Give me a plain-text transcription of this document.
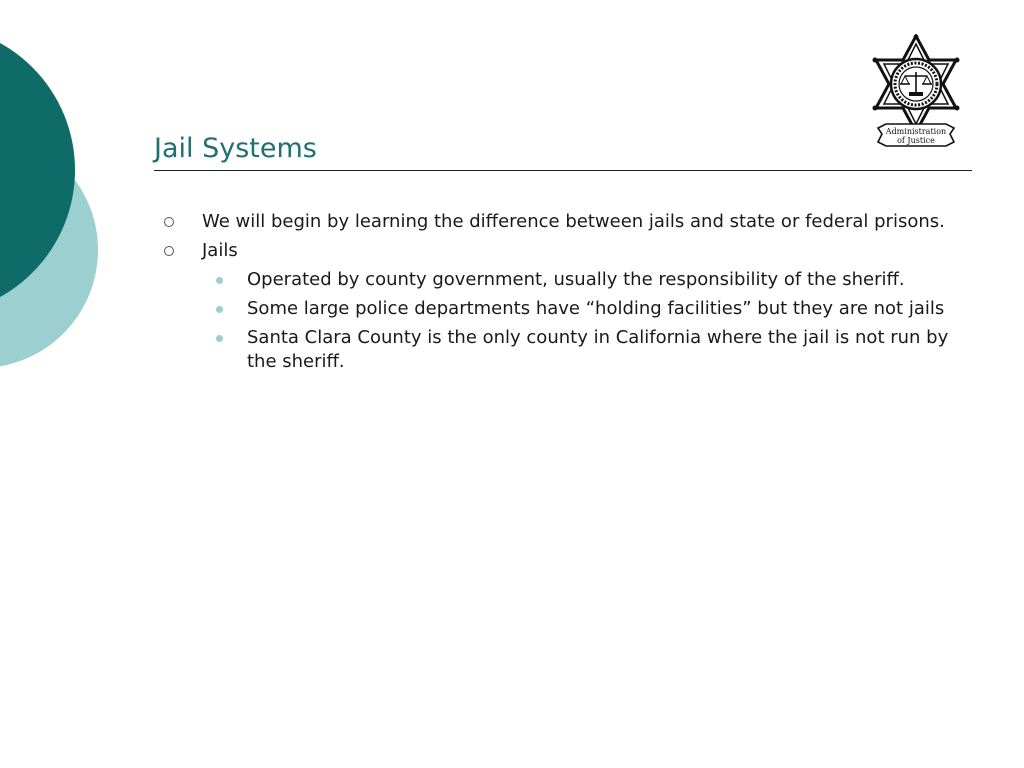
Jail Systems
Administration
of Justice
We will begin by learning the difference between jails and state or federal prisons.
Jails
Operated by county government, usually the responsibility of the sheriff.
Some large police departments have “holding facilities” but they are not jails
Santa Clara County is the only county in California where the jail is not run by the sheriff.
